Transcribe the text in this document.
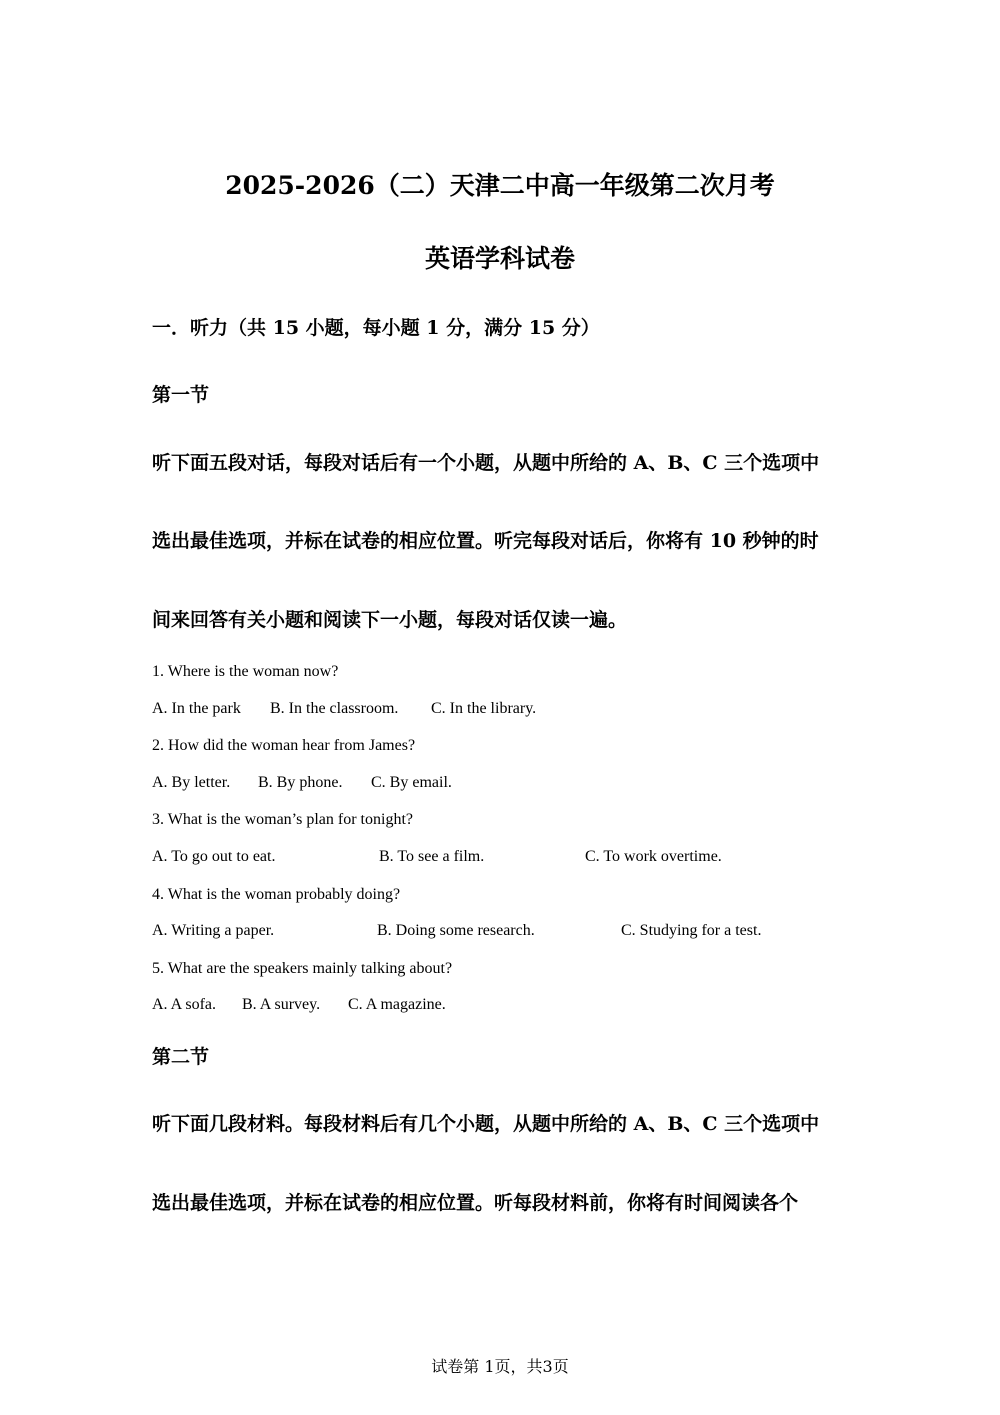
2025-2026（二）天津二中高一年级第二次月考
英语学科试卷
一．听力（共 15 小题，每小题 1 分，满分 15 分）
第一节
听下面五段对话，每段对话后有一个小题，从题中所给的 A、B、C 三个选项中
选出最佳选项，并标在试卷的相应位置。听完每段对话后，你将有 10 秒钟的时
间来回答有关小题和阅读下一小题，每段对话仅读一遍。
1. Where is the woman now?
A. In the park B. In the classroom. C. In the library.
2. How did the woman hear from James?
A. By letter. B. By phone. C. By email.
3. What is the woman’s plan for tonight?
A. To go out to eat.	B. To see a film.	C. To work overtime.
4. What is the woman probably doing?
A. Writing a paper.	B. Doing some research.	C. Studying for a test.
5. What are the speakers mainly talking about?
A. A sofa. B. A survey. C. A magazine.
第二节
听下面几段材料。每段材料后有几个小题，从题中所给的 A、B、C 三个选项中
选出最佳选项，并标在试卷的相应位置。听每段材料前，你将有时间阅读各个
试卷第 1页，共3页
